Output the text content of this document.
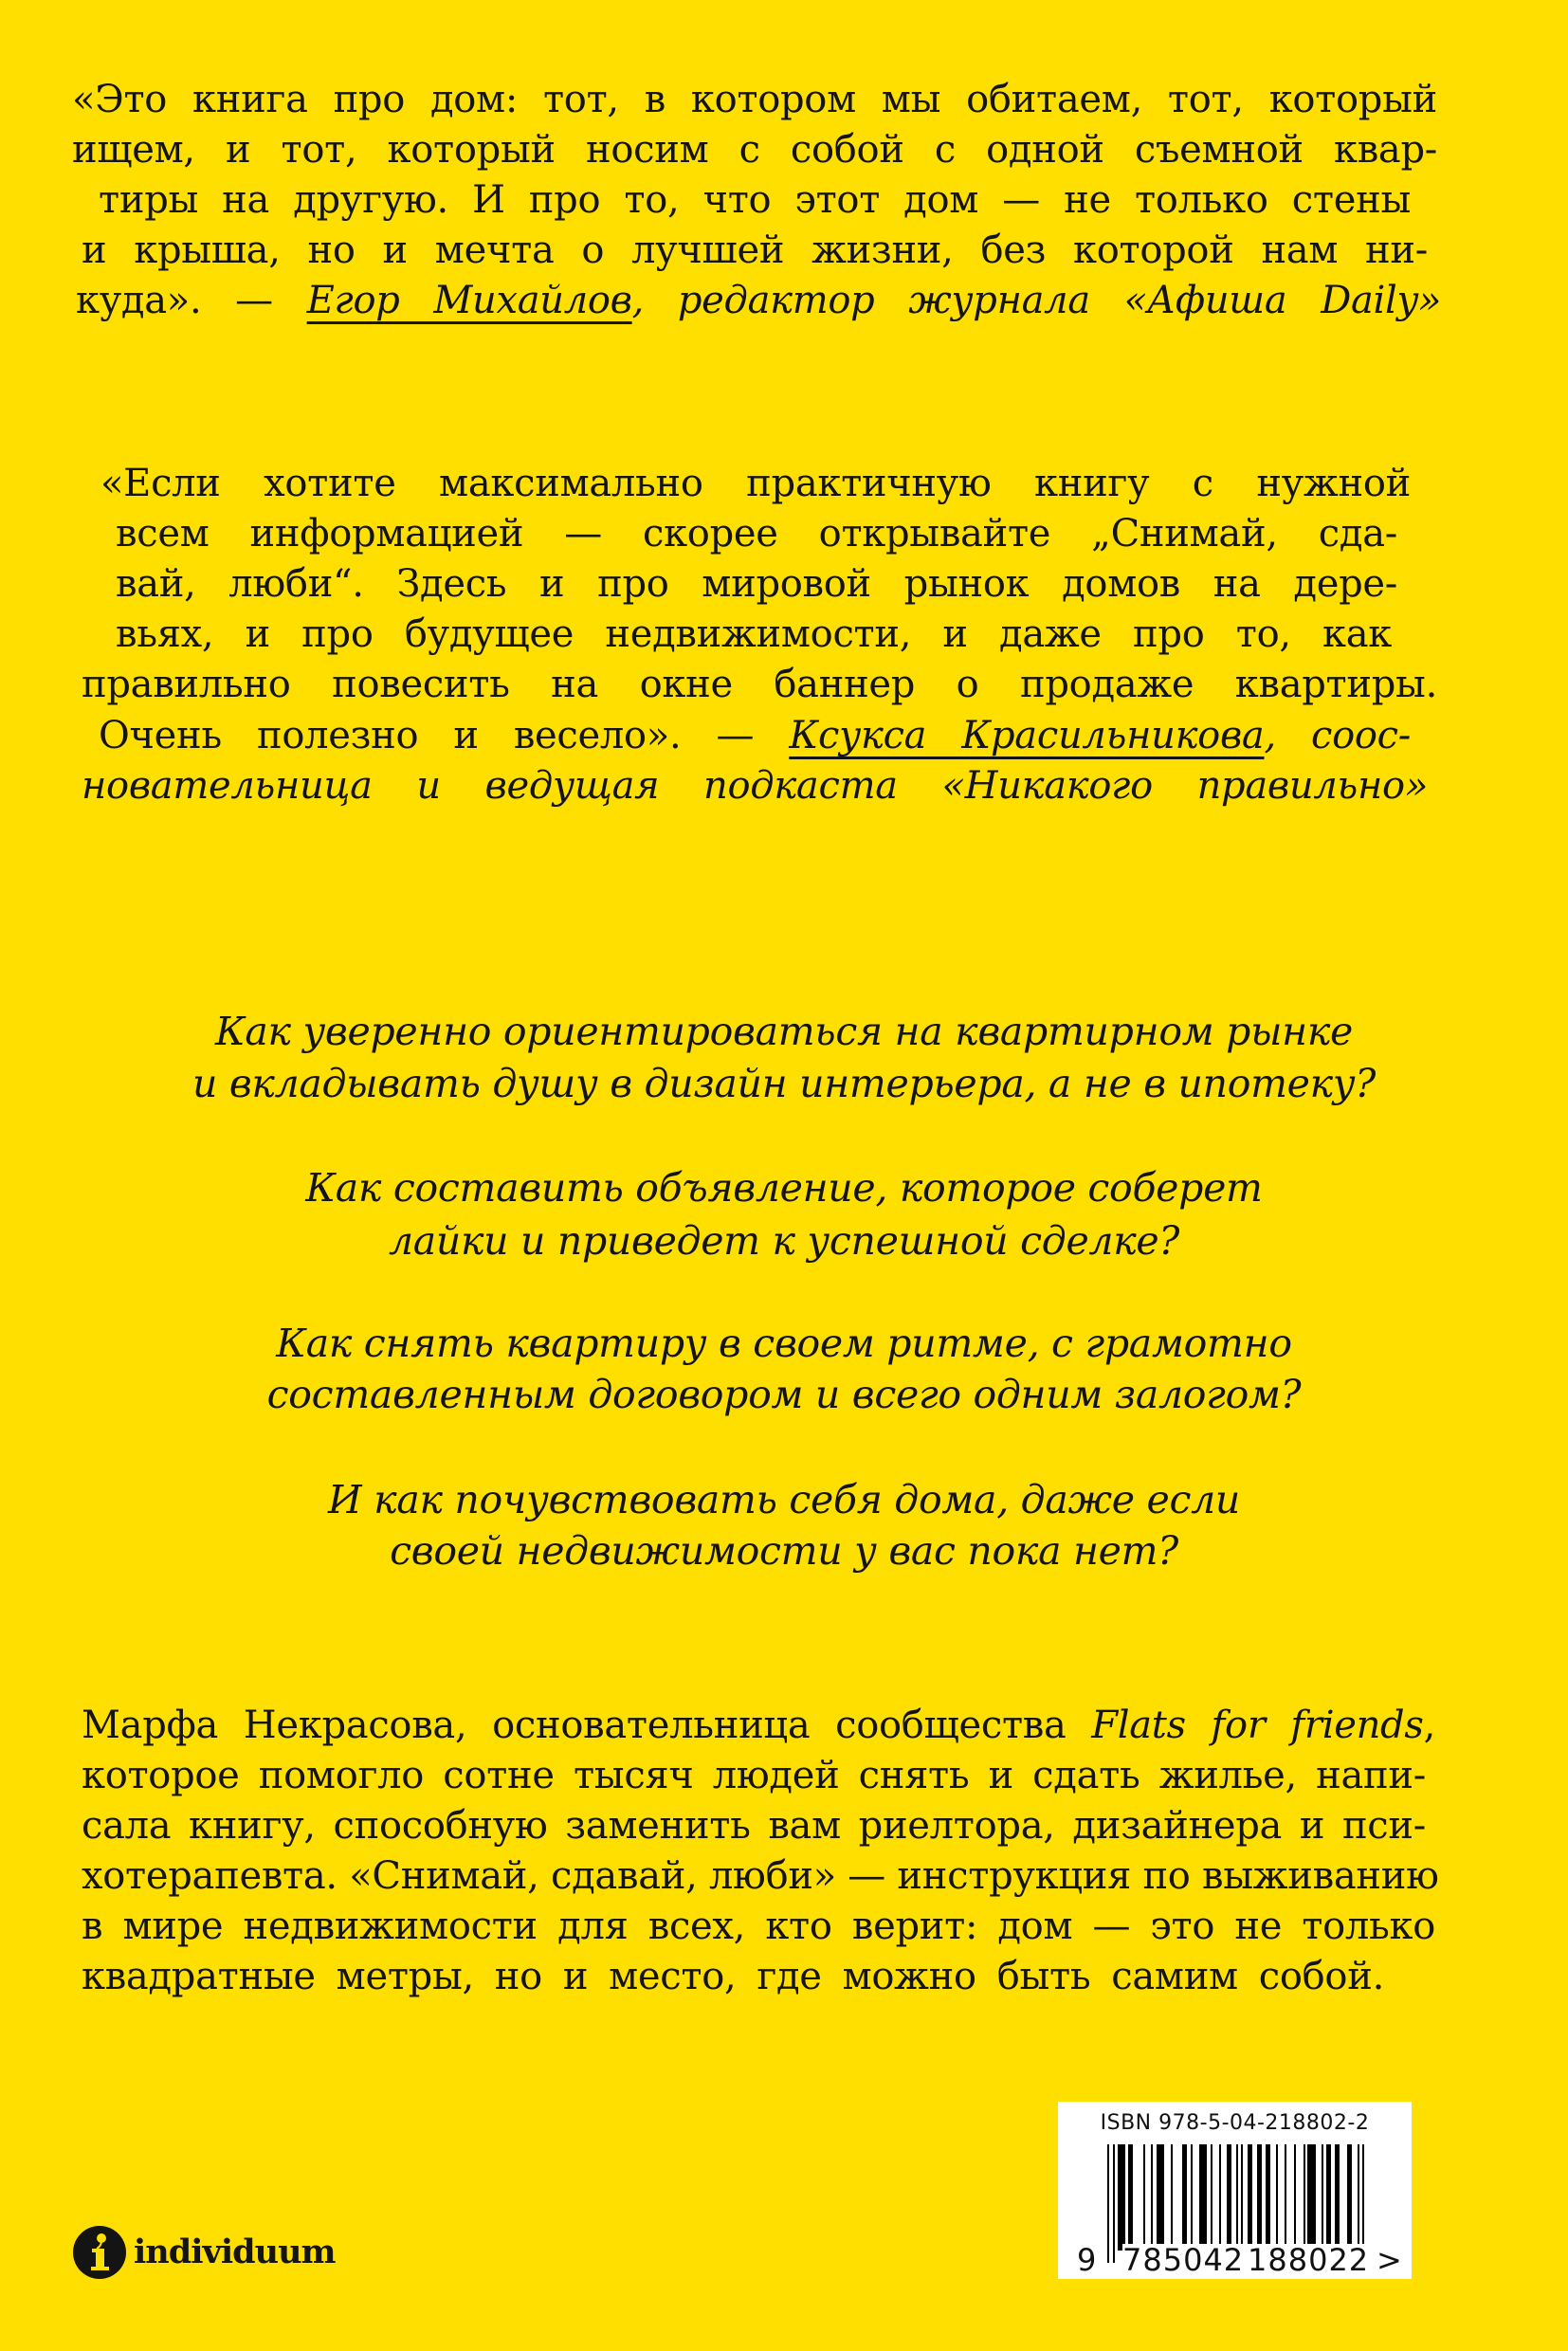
«Это книга про дом: тот, в котором мы обитаем, тот, который
ищем, и тот, который носим с собой с одной съемной квар-
тиры на другую. И про то, что этот дом — не только стены
и крыша, но и мечта о лучшей жизни, без которой нам ни-
куда». — Егор Михайлов, редактор журнала «Афиша Daily»
«Если хотите максимально практичную книгу с нужной
всем информацией — скорее открывайте „Снимай, сда-
вай, люби“. Здесь и про мировой рынок домов на дере-
вьях, и про будущее недвижимости, и даже про то, как
правильно повесить на окне баннер о продаже квартиры.
Очень полезно и весело». — Ксукса Красильникова, соос-
новательница и ведущая подкаста «Никакого правильно»
Как уверенно ориентироваться на квартирном рынке
и вкладывать душу в дизайн интерьера, а не в ипотеку?
Как составить объявление, которое соберет
лайки и приведет к успешной сделке?
Как снять квартиру в своем ритме, с грамотно
составленным договором и всего одним залогом?
И как почувствовать себя дома, даже если
своей недвижимости у вас пока нет?
Марфа Некрасова, основательница сообщества Flats for friends,
которое помогло сотне тысяч людей снять и сдать жилье, напи-
сала книгу, способную заменить вам риелтора, дизайнера и пси-
хотерапевта. «Снимай, сдавай, люби» — инструкция по выживанию
в мире недвижимости для всех, кто верит: дом — это не только
квадратные метры, но и место, где можно быть самим собой.
individuum
ISBN 978-5-04-218802-2
9 785042 188022 >
